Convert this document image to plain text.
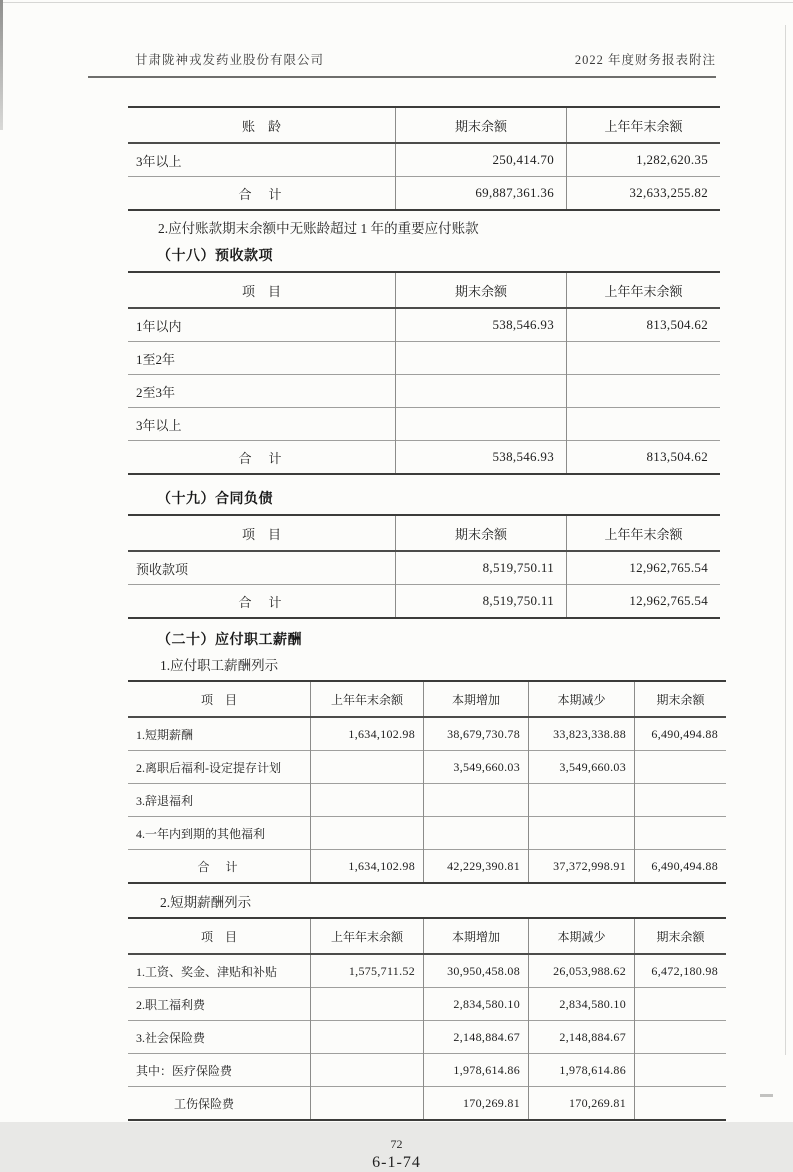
甘肃陇神戎发药业股份有限公司	2022 年度财务报表附注
账　龄	期末余额	上年年末余额
3年以上	250,414.70	1,282,620.35
合　计	69,887,361.36	32,633,255.82
2.应付账款期末余额中无账龄超过 1 年的重要应付账款
（十八）预收款项
项　目	期末余额	上年年末余额
1年以内	538,546.93	813,504.62
1至2年		
2至3年		
3年以上		
合　计	538,546.93	813,504.62
（十九）合同负债
项　目	期末余额	上年年末余额
预收款项	8,519,750.11	12,962,765.54
合　计	8,519,750.11	12,962,765.54
（二十）应付职工薪酬
1.应付职工薪酬列示
项　目	上年年末余额	本期增加	本期减少	期末余额
1.短期薪酬	1,634,102.98	38,679,730.78	33,823,338.88	6,490,494.88
2.离职后福利-设定提存计划		3,549,660.03	3,549,660.03	
3.辞退福利				
4.一年内到期的其他福利				
合　计	1,634,102.98	42,229,390.81	37,372,998.91	6,490,494.88
2.短期薪酬列示
项　目	上年年末余额	本期增加	本期减少	期末余额
1.工资、奖金、津贴和补贴	1,575,711.52	30,950,458.08	26,053,988.62	6,472,180.98
2.职工福利费		2,834,580.10	2,834,580.10	
3.社会保险费		2,148,884.67	2,148,884.67	
其中：医疗保险费		1,978,614.86	1,978,614.86	
工伤保险费		170,269.81	170,269.81	
72
6-1-74
